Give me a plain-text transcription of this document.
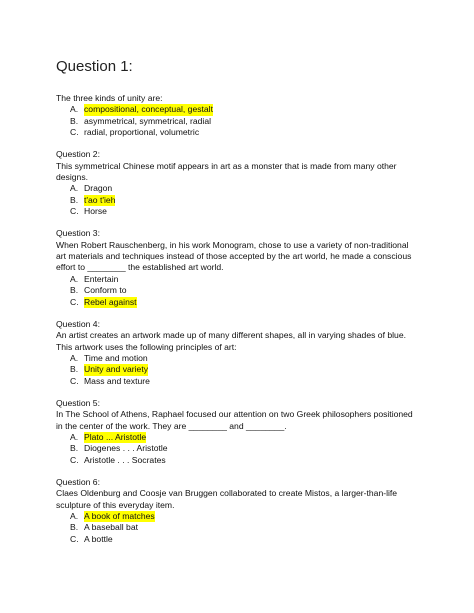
Question 1:
The three kinds of unity are:
A. compositional, conceptual, gestalt
B. asymmetrical, symmetrical, radial
C. radial, proportional, volumetric
Question 2:
This symmetrical Chinese motif appears in art as a monster that is made from many other designs.
A. Dragon
B. t'ao t'ieh
C. Horse
Question 3:
When Robert Rauschenberg, in his work Monogram, chose to use a variety of non-traditional art materials and techniques instead of those accepted by the art world, he made a conscious effort to ________ the established art world.
A. Entertain
B. Conform to
C. Rebel against
Question 4:
An artist creates an artwork made up of many different shapes, all in varying shades of blue. This artwork uses the following principles of art:
A. Time and motion
B. Unity and variety
C. Mass and texture
Question 5:
In The School of Athens, Raphael focused our attention on two Greek philosophers positioned in the center of the work. They are ________ and ________.
A. Plato ... Aristotle
B. Diogenes . . . Aristotle
C. Aristotle . . . Socrates
Question 6:
Claes Oldenburg and Coosje van Bruggen collaborated to create Mistos, a larger-than-life sculpture of this everyday item.
A. A book of matches
B. A baseball bat
C. A bottle
